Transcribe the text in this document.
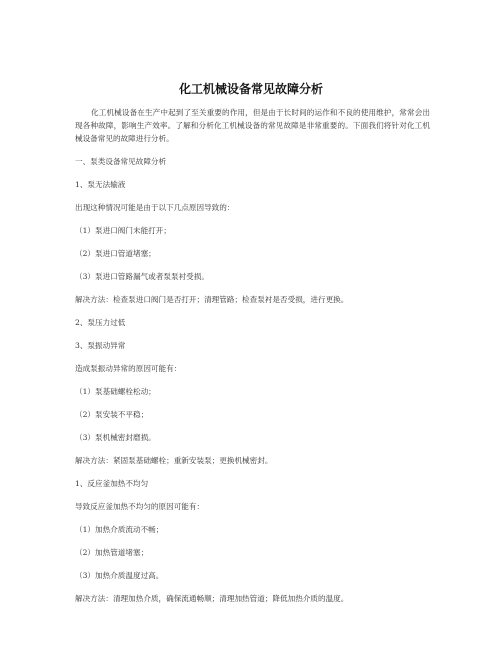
化工机械设备常见故障分析
化工机械设备在生产中起到了至关重要的作用，但是由于长时间的运作和不良的使用维护，常常会出现各种故障，影响生产效率。了解和分析化工机械设备的常见故障是非常重要的。下面我们将针对化工机械设备常见的故障进行分析。
一、泵类设备常见故障分析
1、泵无法输液
出现这种情况可能是由于以下几点原因导致的：
（1）泵进口阀门未能打开；
（2）泵进口管道堵塞；
（3）泵进口管路漏气或者泵泵衬受损。
解决方法：检查泵进口阀门是否打开；清理管路；检查泵衬是否受损，进行更换。
2、泵压力过低
3、泵振动异常
造成泵振动异常的原因可能有：
（1）泵基础螺栓松动；
（2）泵安装不平稳；
（3）泵机械密封磨损。
解决方法：紧固泵基础螺栓；重新安装泵；更换机械密封。
1、反应釜加热不均匀
导致反应釜加热不均匀的原因可能有：
（1）加热介质流动不畅；
（2）加热管道堵塞；
（3）加热介质温度过高。
解决方法：清理加热介质，确保流通畅顺；清理加热管道；降低加热介质的温度。
